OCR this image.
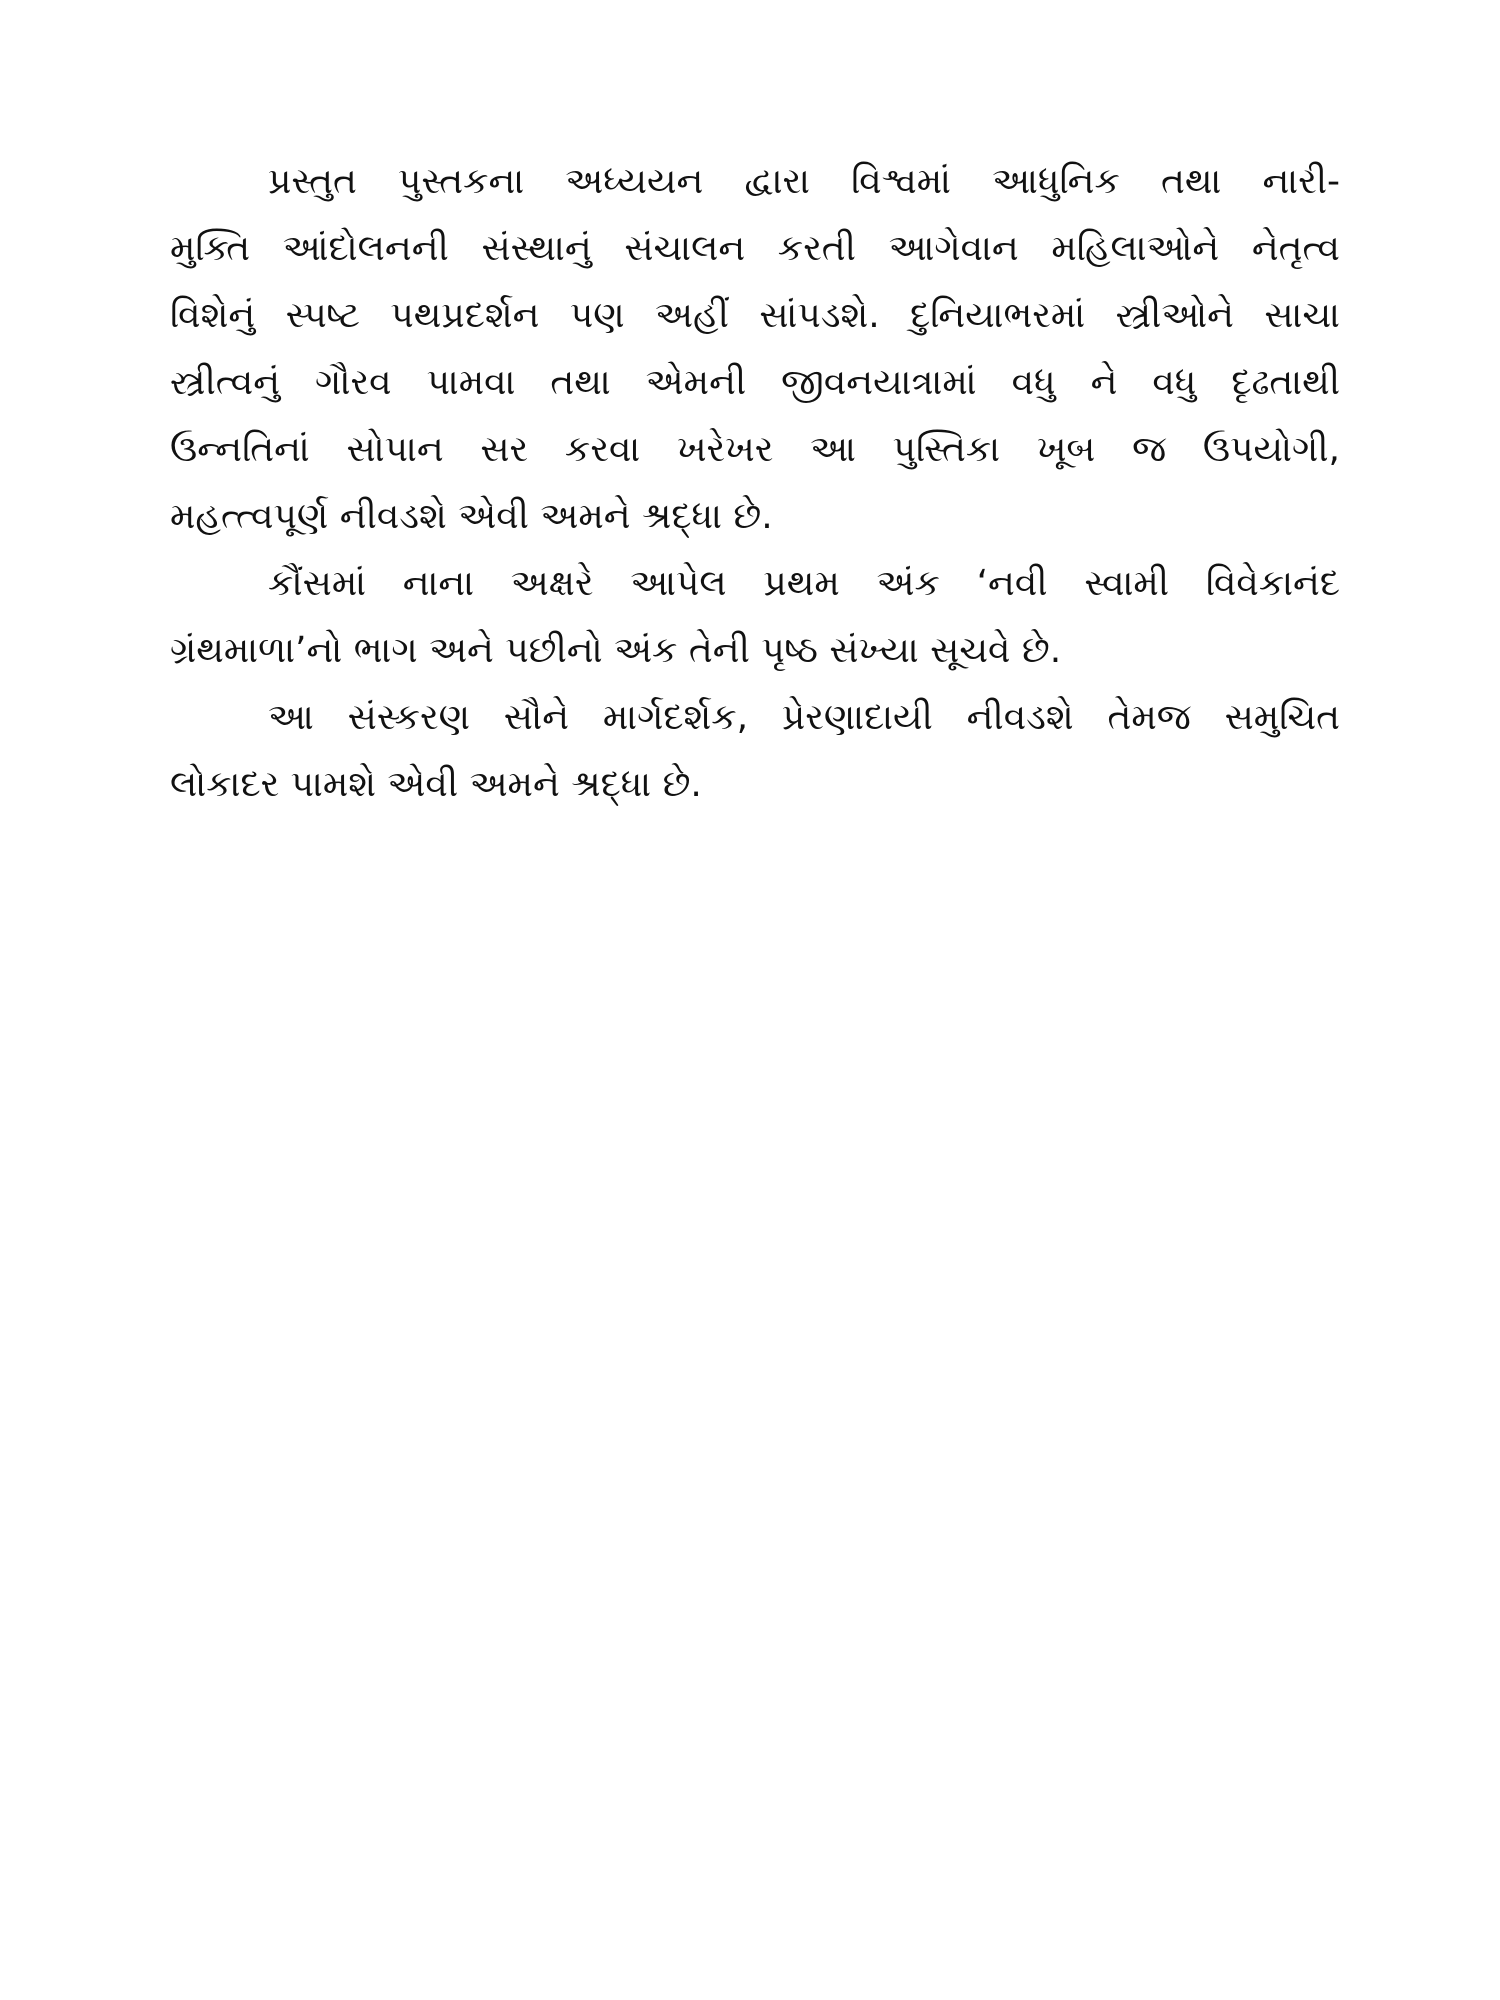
પ્રસ્તુત પુસ્તકના અધ્યયન દ્વારા વિશ્વમાં આધુનિક તથા નારી-
મુક્તિ આંદોલનની સંસ્થાનું સંચાલન કરતી આગેવાન મહિલાઓને નેતૃત્વ
વિશેનું સ્પષ્ટ પથપ્રદર્શન પણ અહીં સાંપડશે. દુનિયાભરમાં સ્ત્રીઓને સાચા
સ્ત્રીત્વનું ગૌરવ પામવા તથા એમની જીવનયાત્રામાં વધુ ને વધુ દૃઢતાથી
ઉન્નતિનાં સોપાન સર કરવા ખરેખર આ પુસ્તિકા ખૂબ જ ઉપયોગી,
મહત્ત્વપૂર્ણ નીવડશે એવી અમને શ્રદ્ધા છે.
કૌંસમાં નાના અક્ષરે આપેલ પ્રથમ અંક ‘નવી સ્વામી વિવેકાનંદ
ગ્રંથમાળા’નો ભાગ અને પછીનો અંક તેની પૃષ્ઠ સંખ્યા સૂચવે છે.
આ સંસ્કરણ સૌને માર્ગદર્શક, પ્રેરણાદાયી નીવડશે તેમજ સમુચિત
લોકાદર પામશે એવી અમને શ્રદ્ધા છે.
